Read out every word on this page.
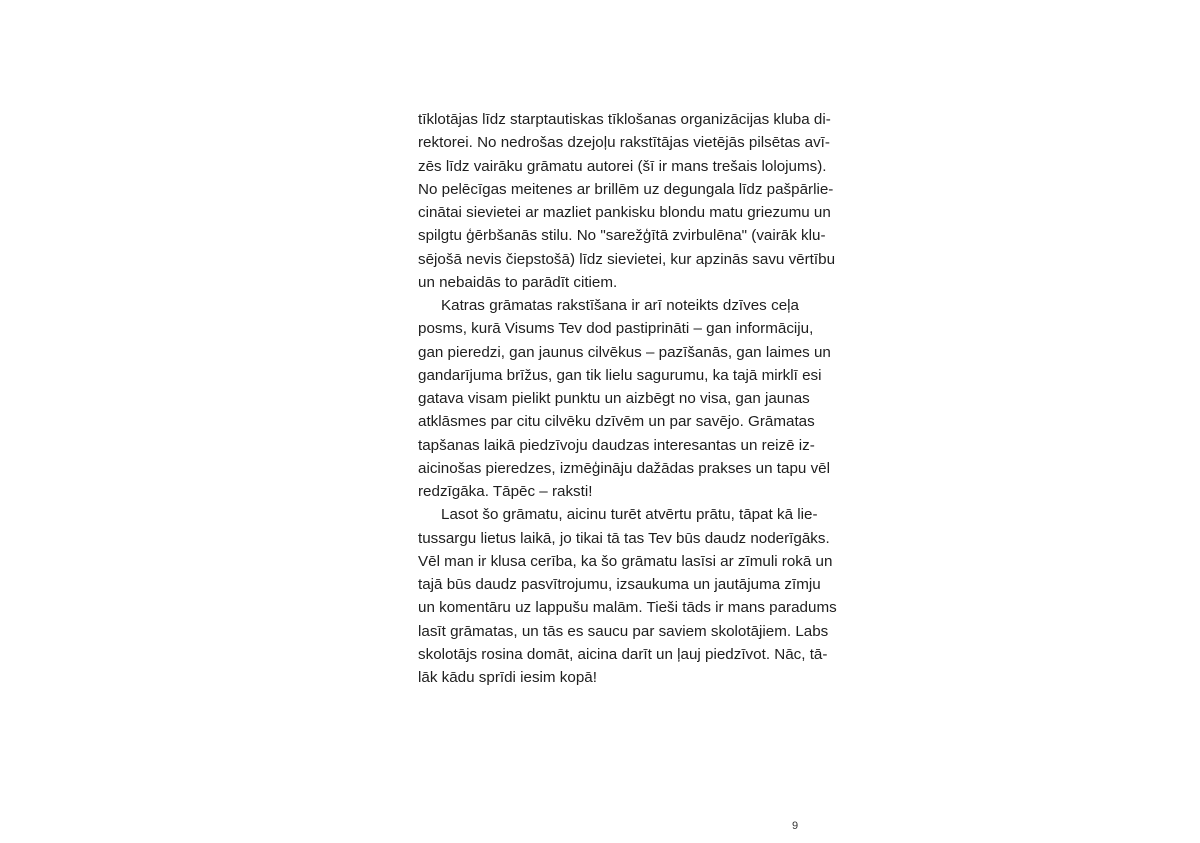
tīklotājas līdz starptautiskas tīklošanas organizācijas kluba di-
rektorei. No nedrošas dzejoļu rakstītājas vietējās pilsētas avī-
zēs līdz vairāku grāmatu autorei (šī ir mans trešais lolojums).
No pelēcīgas meitenes ar brillēm uz degungala līdz pašpārlie-
cinātai sievietei ar mazliet pankisku blondu matu griezumu un
spilgtu ģērbšanās stilu. No "sarežģītā zvirbulēna" (vairāk klu-
sējošā nevis čiepstošā) līdz sievietei, kur apzinās savu vērtību
un nebaidās to parādīt citiem.
Katras grāmatas rakstīšana ir arī noteikts dzīves ceļa
posms, kurā Visums Tev dod pastiprināti – gan informāciju,
gan pieredzi, gan jaunus cilvēkus – pazīšanās, gan laimes un
gandarījuma brīžus, gan tik lielu sagurumu, ka tajā mirklī esi
gatava visam pielikt punktu un aizbēgt no visa, gan jaunas
atklāsmes par citu cilvēku dzīvēm un par savējo. Grāmatas
tapšanas laikā piedzīvoju daudzas interesantas un reizē iz-
aicinošas pieredzes, izmēģināju dažādas prakses un tapu vēl
redzīgāka. Tāpēc – raksti!
Lasot šo grāmatu, aicinu turēt atvērtu prātu, tāpat kā lie-
tussargu lietus laikā, jo tikai tā tas Tev būs daudz noderīgāks.
Vēl man ir klusa cerība, ka šo grāmatu lasīsi ar zīmuli rokā un
tajā būs daudz pasvītrojumu, izsaukuma un jautājuma zīmju
un komentāru uz lappušu malām. Tieši tāds ir mans paradums
lasīt grāmatas, un tās es saucu par saviem skolotājiem. Labs
skolotājs rosina domāt, aicina darīt un ļauj piedzīvot. Nāc, tā-
lāk kādu sprīdi iesim kopā!
9
